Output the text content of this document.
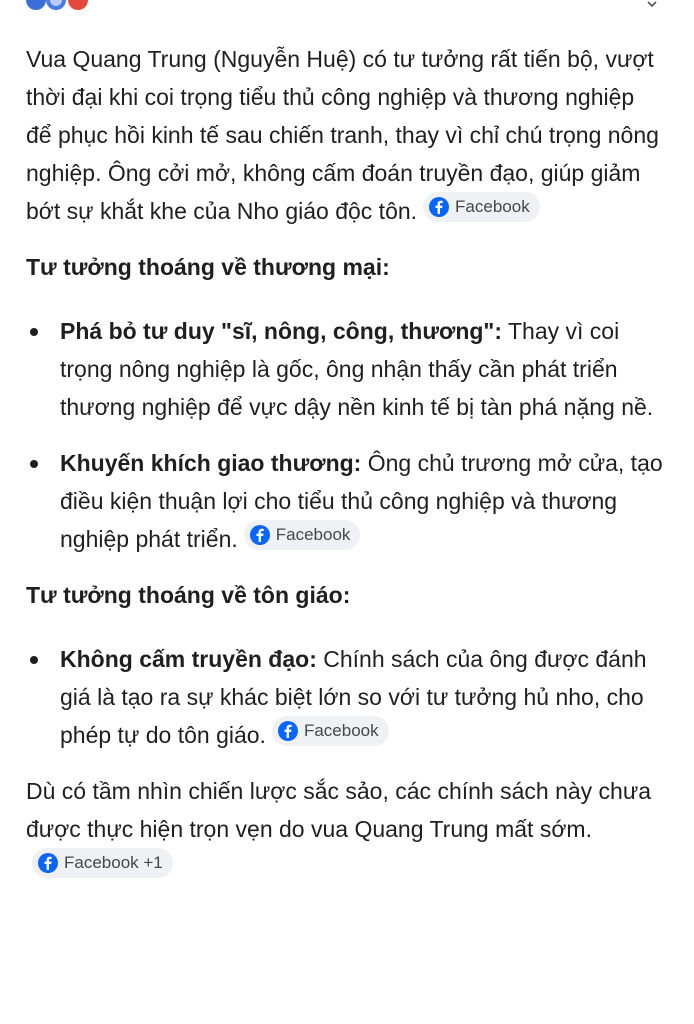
Vua Quang Trung (Nguyễn Huệ) có tư tưởng rất tiến bộ, vượt thời đại khi coi trọng tiểu thủ công nghiệp và thương nghiệp để phục hồi kinh tế sau chiến tranh, thay vì chỉ chú trọng nông nghiệp. Ông cởi mở, không cấm đoán truyền đạo, giúp giảm bớt sự khắt khe của Nho giáo độc tôn. Facebook

Tư tưởng thoáng về thương mại:

Phá bỏ tư duy "sĩ, nông, công, thương": Thay vì coi trọng nông nghiệp là gốc, ông nhận thấy cần phát triển thương nghiệp để vực dậy nền kinh tế bị tàn phá nặng nề.
Khuyến khích giao thương: Ông chủ trương mở cửa, tạo điều kiện thuận lợi cho tiểu thủ công nghiệp và thương nghiệp phát triển. Facebook

Tư tưởng thoáng về tôn giáo:

Không cấm truyền đạo: Chính sách của ông được đánh giá là tạo ra sự khác biệt lớn so với tư tưởng hủ nho, cho phép tự do tôn giáo. Facebook

Dù có tầm nhìn chiến lược sắc sảo, các chính sách này chưa được thực hiện trọn vẹn do vua Quang Trung mất sớm.
Facebook +1
